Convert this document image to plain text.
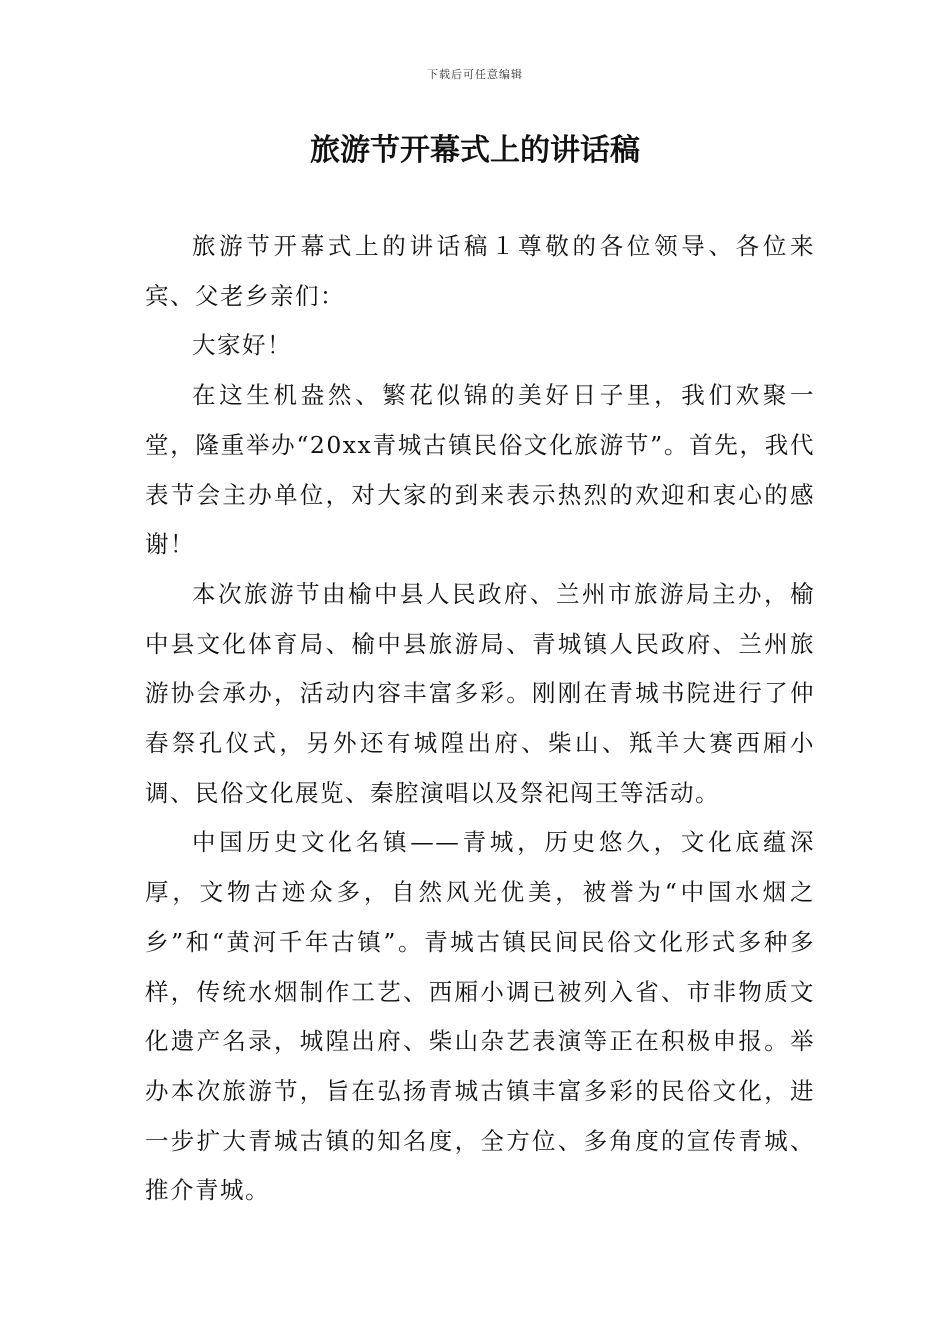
下载后可任意编辑
旅游节开幕式上的讲话稿

旅游节开幕式上的讲话稿１尊敬的各位领导、各位来宾、父老乡亲们：

大家好！

在这生机盎然、繁花似锦的美好日子里，我们欢聚一堂，隆重举办“20xx青城古镇民俗文化旅游节”。首先，我代表节会主办单位，对大家的到来表示热烈的欢迎和衷心的感谢！

本次旅游节由榆中县人民政府、兰州市旅游局主办，榆中县文化体育局、榆中县旅游局、青城镇人民政府、兰州旅游协会承办，活动内容丰富多彩。刚刚在青城书院进行了仲春祭孔仪式，另外还有城隍出府、柴山、羝羊大赛西厢小调、民俗文化展览、秦腔演唱以及祭祀闯王等活动。

中国历史文化名镇——青城，历史悠久，文化底蕴深厚，文物古迹众多，自然风光优美，被誉为“中国水烟之乡”和“黄河千年古镇”。青城古镇民间民俗文化形式多种多样，传统水烟制作工艺、西厢小调已被列入省、市非物质文化遗产名录，城隍出府、柴山杂艺表演等正在积极申报。举办本次旅游节，旨在弘扬青城古镇丰富多彩的民俗文化，进一步扩大青城古镇的知名度，全方位、多角度的宣传青城、推介青城。
